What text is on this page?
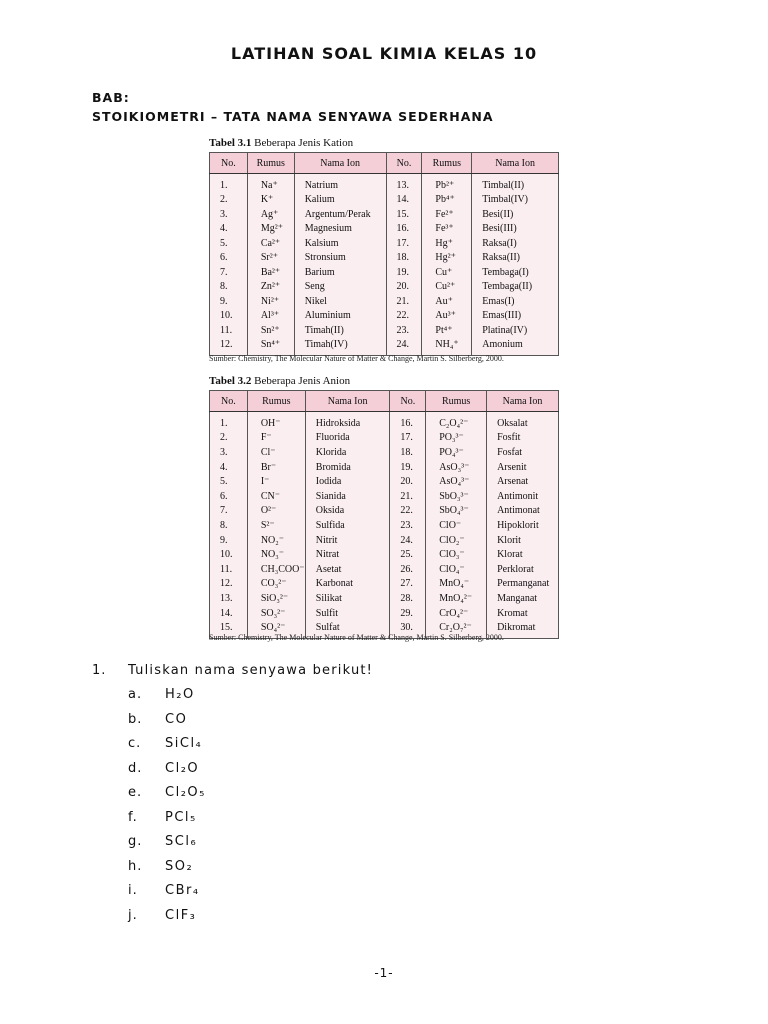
LATIHAN SOAL KIMIA KELAS 10
BAB:
STOIKIOMETRI – TATA NAMA SENYAWA SEDERHANA
Tabel 3.1 Beberapa Jenis Kation
No.	Rumus	Nama Ion	No.	Rumus	Nama Ion
1.	Na⁺	Natrium	13.	Pb²⁺	Timbal(II)
2.	K⁺	Kalium	14.	Pb⁴⁺	Timbal(IV)
3.	Ag⁺	Argentum/Perak	15.	Fe²⁺	Besi(II)
4.	Mg²⁺	Magnesium	16.	Fe³⁺	Besi(III)
5.	Ca²⁺	Kalsium	17.	Hg⁺	Raksa(I)
6.	Sr²⁺	Stronsium	18.	Hg²⁺	Raksa(II)
7.	Ba²⁺	Barium	19.	Cu⁺	Tembaga(I)
8.	Zn²⁺	Seng	20.	Cu²⁺	Tembaga(II)
9.	Ni²⁺	Nikel	21.	Au⁺	Emas(I)
10.	Al³⁺	Aluminium	22.	Au³⁺	Emas(III)
11.	Sn²⁺	Timah(II)	23.	Pt⁴⁺	Platina(IV)
12.	Sn⁴⁺	Timah(IV)	24.	NH₄⁺	Amonium
Sumber: Chemistry, The Molecular Nature of Matter & Change, Martin S. Silberberg, 2000.
Tabel 3.2 Beberapa Jenis Anion
No.	Rumus	Nama Ion	No.	Rumus	Nama Ion
1.	OH⁻	Hidroksida	16.	C₂O₄²⁻	Oksalat
2.	F⁻	Fluorida	17.	PO₃³⁻	Fosfit
3.	Cl⁻	Klorida	18.	PO₄³⁻	Fosfat
4.	Br⁻	Bromida	19.	AsO₃³⁻	Arsenit
5.	I⁻	Iodida	20.	AsO₄³⁻	Arsenat
6.	CN⁻	Sianida	21.	SbO₃³⁻	Antimonit
7.	O²⁻	Oksida	22.	SbO₄³⁻	Antimonat
8.	S²⁻	Sulfida	23.	ClO⁻	Hipoklorit
9.	NO₂⁻	Nitrit	24.	ClO₂⁻	Klorit
10.	NO₃⁻	Nitrat	25.	ClO₃⁻	Klorat
11.	CH₃COO⁻	Asetat	26.	ClO₄⁻	Perklorat
12.	CO₃²⁻	Karbonat	27.	MnO₄⁻	Permanganat
13.	SiO₃²⁻	Silikat	28.	MnO₄²⁻	Manganat
14.	SO₃²⁻	Sulfit	29.	CrO₄²⁻	Kromat
15.	SO₄²⁻	Sulfat	30.	Cr₂O₇²⁻	Dikromat
Sumber: Chemistry, The Molecular Nature of Matter & Change, Martin S. Silberberg, 2000.
1. Tuliskan nama senyawa berikut!
a. H₂O
b. CO
c. SiCl₄
d. Cl₂O
e. Cl₂O₅
f. PCl₅
g. SCl₆
h. SO₂
i. CBr₄
j. ClF₃
-1-
